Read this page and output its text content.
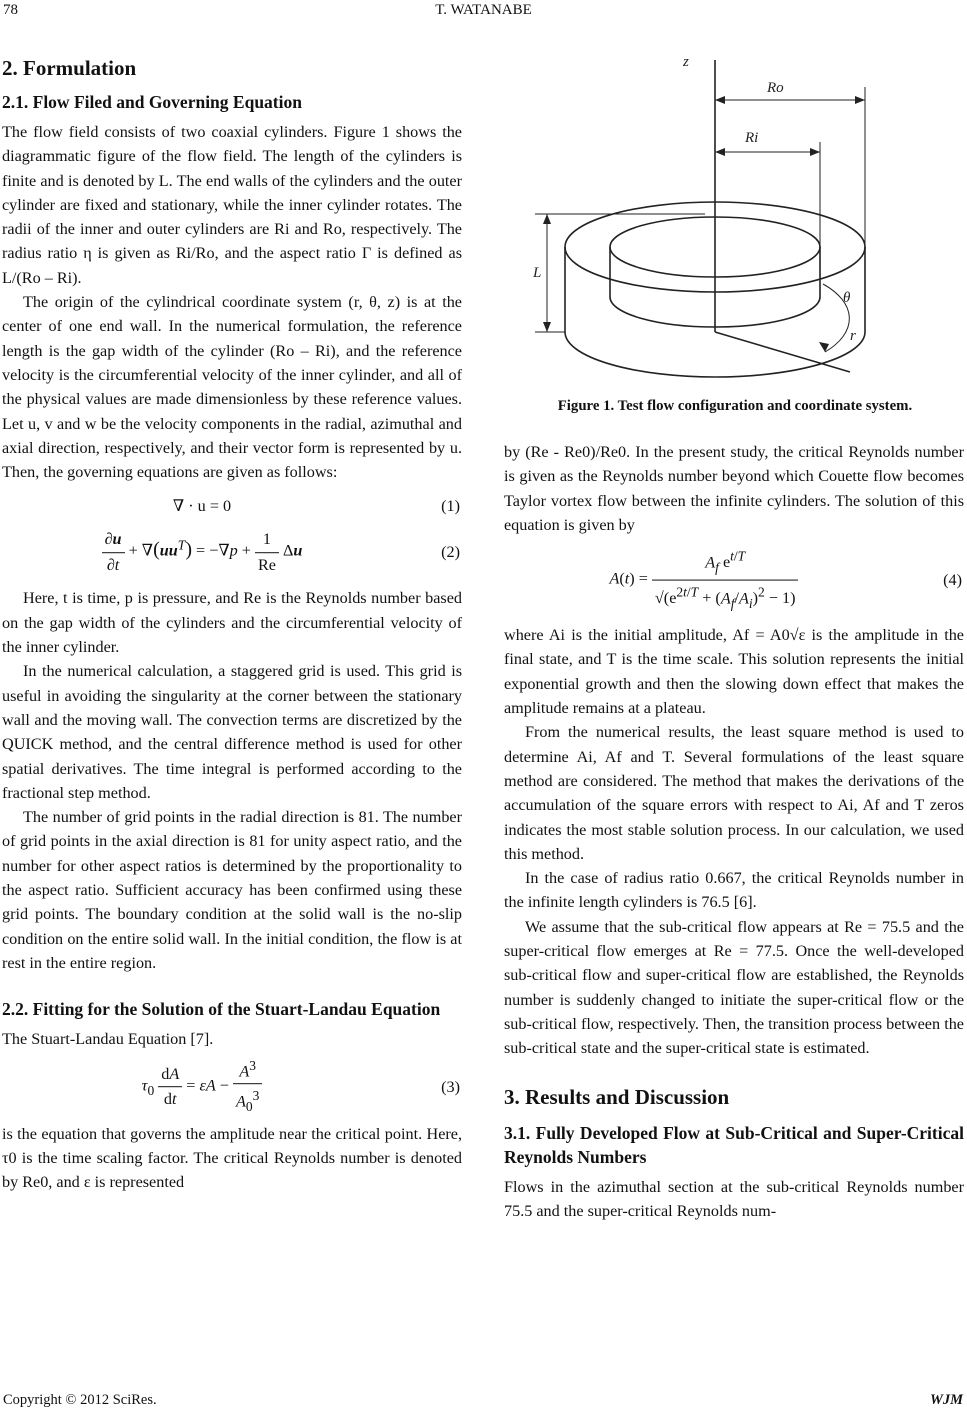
78	T. WATANABE
2. Formulation
2.1. Flow Filed and Governing Equation

The flow field consists of two coaxial cylinders. Figure 1 shows the diagrammatic figure of the flow field. The length of the cylinders is finite and is denoted by L. The end walls of the cylinders and the outer cylinder are fixed and stationary, while the inner cylinder rotates. The radii of the inner and outer cylinders are Ri and Ro, respectively. The radius ratio η is given as Ri/Ro, and the aspect ratio Γ is defined as L/(Ro – Ri).

The origin of the cylindrical coordinate system (r, θ, z) is at the center of one end wall. In the numerical formulation, the reference length is the gap width of the cylinder (Ro – Ri), and the reference velocity is the circumferential velocity of the inner cylinder, and all of the physical values are made dimensionless by these reference values. Let u, v and w be the velocity components in the radial, azimuthal and axial direction, respectively, and their vector form is represented by u. Then, the governing equations are given as follows:

∇ · u = 0	(1)
$\frac{\partial u}{\partial t} + \nabla(uu^T) = -\nabla p + \frac{1}{Re}$ Δu	(2)

Here, t is time, p is pressure, and Re is the Reynolds number based on the gap width of the cylinders and the circumferential velocity of the inner cylinder.

In the numerical calculation, a staggered grid is used. This grid is useful in avoiding the singularity at the corner between the stationary wall and the moving wall. The convection terms are discretized by the QUICK method, and the central difference method is used for other spatial derivatives. The time integral is performed according to the fractional step method.

The number of grid points in the radial direction is 81. The number of grid points in the axial direction is 81 for unity aspect ratio, and the number for other aspect ratios is determined by the proportionality to the aspect ratio. Sufficient accuracy has been confirmed using these grid points. The boundary condition at the solid wall is the no-slip condition on the entire solid wall. In the initial condition, the flow is at rest in the entire region.

2.2. Fitting for the Solution of the Stuart-Landau Equation

The Stuart-Landau Equation [7].

$\tau_0 \frac{dA}{dt} = \varepsilon A - \frac{A^3}{A_0^3}$	(3)

is the equation that governs the amplitude near the critical point. Here, τ0 is the time scaling factor. The critical Reynolds number is denoted by Re0, and ε is represented

z
Ro
Ri
L
θ
r
Figure 1. Test flow configuration and coordinate system.

by (Re - Re0)/Re0. In the present study, the critical Reynolds number is given as the Reynolds number beyond which Couette flow becomes Taylor vortex flow between the infinite cylinders. The solution of this equation is given by

$A(t) = \frac{A_f e^{t/T}}{√(e^{2t/T} + (A_f/A_i)^2 - 1)}$	(4)

where Ai is the initial amplitude, Af = A0√ε is the amplitude in the final state, and T is the time scale. This solution represents the initial exponential growth and then the slowing down effect that makes the amplitude remains at a plateau.

From the numerical results, the least square method is used to determine Ai, Af and T. Several formulations of the least square method are considered. The method that makes the derivations of the accumulation of the square errors with respect to Ai, Af and T zeros indicates the most stable solution process. In our calculation, we used this method.

In the case of radius ratio 0.667, the critical Reynolds number in the infinite length cylinders is 76.5 [6].

We assume that the sub-critical flow appears at Re = 75.5 and the super-critical flow emerges at Re = 77.5. Once the well-developed sub-critical flow and super-critical flow are established, the Reynolds number is suddenly changed to initiate the super-critical flow or the sub-critical flow, respectively. Then, the transition process between the sub-critical state and the super-critical state is estimated.

3. Results and Discussion
3.1. Fully Developed Flow at Sub-Critical and Super-Critical Reynolds Numbers

Flows in the azimuthal section at the sub-critical Reynolds number 75.5 and the super-critical Reynolds num-

Copyright © 2012 SciRes.	WJM
